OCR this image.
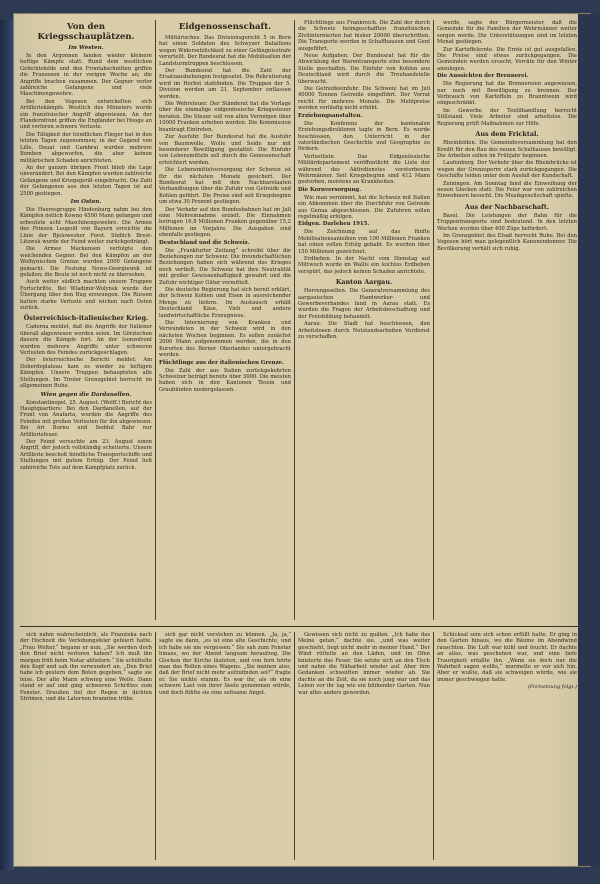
Von den Kriegsschauplätzen.
Im Westen.

In den Argonnen fanden wieder kleinere heftige Kämpfe statt. Rund dem westlichen Gefechtsfelde und den Frontabschnitten griffen die Franzosen in der vorigen Woche an; die Angriffe brachen zusammen. Der Gegner verlor zahlreiche Gefangene und viele Maschinengewehre.

Bei den Vogesen entwickelten sich Artilleriekämpfe. Westlich des Münsters wurde ein französischer Angriff abgewiesen. An der Flandernfront griffen die Engländer bei Hooge an und verloren schwere Verluste.

Die Tätigkeit der feindlichen Flieger hat in den letzten Tagen zugenommen; in der Gegend von Lille, Douai und Cambrai wurden mehrere Bomben abgeworfen, die aber keinen militärischen Schaden anrichteten.

An der ganzen übrigen Front blieb die Lage unverändert. Bei den Kämpfen wurden zahlreiche Gefangene und Kriegsgerät eingebracht. Die Zahl der Gefangenen aus den letzten Tagen ist auf 2500 gestiegen.

Im Osten.

Die Heeresgruppe Hindenburg nahm bei den Kämpfen östlich Kowno 4500 Mann gefangen und erbeutete acht Maschinengewehre. Die Armee des Prinzen Leopold von Bayern erreichte die Linie der Bjelowesher Forst. Südlich Brest-Litowsk wurde der Feind weiter zurückgedrängt.

Die Armee Mackensen verfolgte den weichenden Gegner. Bei den Kämpfen an der Wolhynischen Grenze wurden 2000 Gefangene gemacht. Die Festung Nowo-Georgiewsk ist gefallen; die Beute ist noch nicht zu übersehen.

Auch weiter südlich machten unsere Truppen Fortschritte. Bei Wladimir-Wolynsk wurde der Übergang über den Bug erzwungen. Die Russen hatten starke Verluste und wichen nach Osten zurück.

Österreichisch-italienischer Krieg.

Cadorna meldet, daß die Angriffe der Italiener überall abgewiesen worden seien. Im Görzischen dauern die Kämpfe fort. An der Isonzofront wurden mehrere Angriffe unter schweren Verlusten des Feindes zurückgeschlagen.

Der österreichische Bericht meldet: Am Doberdoplateau kam es wieder zu heftigen Kämpfen. Unsere Truppen behaupteten alle Stellungen. Im Tiroler Grenzgebiet herrscht im allgemeinen Ruhe.

Wien gegen die Dardanellen.

Konstantinopel, 25. August. (Wolff.) Bericht des Hauptquartiers: Bei den Dardanellen, auf der Front von Anafarta, wurden die Angriffe des Feindes mit großen Verlusten für ihn abgewiesen. Bei Ari Burnu und Seddul Bahr nur Artilleriefeuer.

Der Feind versuchte am 23. August einen Angriff, der jedoch vollständig scheiterte. Unsere Artillerie beschoß feindliche Transportschiffe und Stellungen mit gutem Erfolg. Der Feind ließ zahlreiche Tote auf dem Kampfplatz zurück.

Eidgenossenschaft.

Militärisches. Das Divisionsgericht 5 in Bern hat einen Soldaten des Schwyzer Bataillons wegen Widersetzlichkeit zu einer Gefängnisstrafe verurteilt. Der Bundesrat hat die Mobilisation der Landsturmtruppen beschlossen.

Der Bundesrat hat die Zahl der Ersatzaushebungen festgesetzt. Die Rekrutierung wird im Herbst stattfinden. Die Truppen der 5. Division werden am 21. September entlassen werden.

Die Wehrsteuer. Der Ständerat hat die Vorlage über die einmalige eidgenössische Kriegssteuer beraten. Die Steuer soll von allen Vermögen über 10000 Franken erhoben werden. Die Kommission beantragt Eintreten.

Zur Ausfuhr. Der Bundesrat hat die Ausfuhr von Baumwolle, Wolle und Seide nur mit besonderer Bewilligung gestattet. Die Einfuhr von Lebensmitteln soll durch die Genossenschaft erleichtert werden.

Die Lebensmittelversorgung der Schweiz ist für die nächsten Monate gesichert. Der Bundesrat hat mit den Nachbarstaaten Verhandlungen über die Zufuhr von Getreide und Kohlen geführt. Die Preise sind seit Kriegsbeginn um etwa 30 Prozent gestiegen.

Der Verkehr auf den Bundesbahnen hat im Juli eine Mehreinnahme erzielt. Die Einnahmen betrugen 16,8 Millionen Franken gegenüber 15,2 Millionen im Vorjahre. Die Ausgaben sind ebenfalls gestiegen.

Deutschland und die Schweiz.

Die „Frankfurter Zeitung“ schreibt über die Beziehungen zur Schweiz: Die freundschaftlichen Beziehungen haben sich während des Krieges noch vertieft. Die Schweiz hat ihre Neutralität mit großer Gewissenhaftigkeit gewahrt und die Zufuhr wichtiger Güter vermittelt.

Die deutsche Regierung hat sich bereit erklärt, der Schweiz Kohlen und Eisen in ausreichender Menge zu liefern. Im Austausch erhält Deutschland Käse, Vieh und andere landwirtschaftliche Erzeugnisse.

Die Internierung von Kranken und Verwundeten in der Schweiz wird in den nächsten Wochen beginnen. Es sollen zunächst 2000 Mann aufgenommen werden, die in den Kurorten des Berner Oberlandes untergebracht werden.

Flüchtlinge aus der italienischen Grenze.

Die Zahl der aus Italien zurückgekehrten Schweizer beträgt bereits über 3000. Die meisten haben sich in den Kantonen Tessin und Graubünden niedergelassen.

Flüchtlinge aus Frankreich. Die Zahl der durch die Schweiz heimgeschafften französischen Zivilinternierten hat bisher 20000 überschritten. Die Transporte werden in Schaffhausen und Genf ausgeführt.

Neue Aufgaben. Der Bundesrat hat für die Abwicklung der Warentransporte eine besondere Stelle geschaffen. Die Einfuhr von Kohlen aus Deutschland wird durch die Treuhandstelle überwacht.

Die Getreideeinfuhr. Die Schweiz hat im Juli 40000 Tonnen Getreide eingeführt. Der Vorrat reicht für mehrere Monate. Die Mehlpreise werden vorläufig nicht erhöht.

Erziehungsanstalten.

Die Konferenz der kantonalen Erziehungsdirektoren tagte in Bern. Es wurde beschlossen, den Unterricht in der vaterländischen Geschichte und Geographie zu fördern.

Verlustliste. Das Eidgenössische Militärdepartement veröffentlicht die Liste der während des Aktivdienstes verstorbenen Wehrmänner. Seit Kriegsbeginn sind 412 Mann gestorben, meistens an Krankheiten.

Die Kornversorgung.

Wie man vernimmt, hat die Schweiz mit Italien ein Abkommen über die Durchfuhr von Getreide aus Genua abgeschlossen. Die Zufuhren sollen regelmäßig erfolgen.

Eidgen. Darlehen 1915.

Die Zeichnung auf das fünfte Mobilisationsanleihen von 100 Millionen Franken hat einen vollen Erfolg gehabt. Es wurden über 150 Millionen gezeichnet.

Erdbeben. In der Nacht vom Dienstag auf Mittwoch wurde im Wallis ein leichtes Erdbeben verspürt, das jedoch keinen Schaden anrichtete.

Kanton Aargau.

Herrengesellen. Die Generalversammlung des aargauischen Handwerker- und Gewerbeverbandes fand in Aarau statt. Es wurden die Fragen der Arbeitsbeschaffung und der Preisbildung behandelt.

Aarau. Die Stadt hat beschlossen, den Arbeitslosen durch Notstandsarbeiten Verdienst zu verschaffen.

werde, sagte der Bürgermeister, daß die Gemeinde für die Familien der Wehrmänner weiter sorgen werde. Die Unterstützungen sind im letzten Monat gestiegen.

Zur Kartoffelernte. Die Ernte ist gut ausgefallen. Die Preise sind etwas zurückgegangen. Die Gemeinden werden ersucht, Vorräte für den Winter anzulegen.

Die Aussichten der Brennerei.

Die Regierung hat die Brennereien angewiesen, nur noch mit Bewilligung zu brennen. Der Verbrauch von Kartoffeln zu Branntwein wird eingeschränkt.

Im Gewerbe der Textilhandlung herrscht Stillstand. Viele Arbeiter sind arbeitslos. Die Regierung prüft Maßnahmen zur Hilfe.

Aus dem Fricktal.

Rheinfelden. Die Gemeindeversammlung hat den Kredit für den Bau des neuen Schulhauses bewilligt. Die Arbeiten sollen im Frühjahr beginnen.

Laufenburg. Der Verkehr über die Rheinbrücke ist wegen der Grenzsperre stark zurückgegangen. Die Geschäfte leiden unter dem Ausfall der Kundschaft.

Zeiningen. Am Sonntag fand die Einweihung der neuen Glocken statt. Die Feier war von zahlreichen Einwohnern besucht. Die Musikgesellschaft spielte.

Aus der Nachbarschaft.

Basel. Die Leistungen der Bahn für die Truppentransporte sind bedeutend. In den letzten Wochen wurden über 400 Züge befördert.

Im Grenzgebiet des Elsaß herrscht Ruhe. Bei den Vogesen hört man gelegentlich Kanonendonner. Die Bevölkerung verhält sich ruhig.

sich nahm wahrscheinlich, als Franziska nach der Hochzeit die Verlobungsfeier gefeiert hatte. „Frau Wolter,“ begann er nun, „Sie werden doch den Brief nicht verloren haben? Ich muß ihn morgen früh beim Notar abliefern.“ Sie schüttelte den Kopf und sah ihn verwundert an. „Den Brief habe ich gestern dem Boten gegeben,“ sagte sie leise. Der alte Mann schwieg eine Weile. Dann stand er auf und ging schweren Schrittes zum Fenster. Draußen fiel der Regen in dichten Strömen, und die Laternen brannten trübe.

sich gar nicht verstehen zu können. „Ja, ja,“ sagte sie dann, „es ist eine alte Geschichte, und ich habe sie nie vergessen.“ Sie sah zum Fenster hinaus, wo der Abend langsam heraufzog. Die Glocken der Kirche läuteten, und von fern hörte man das Rollen eines Wagens. „Sie meinen also, daß der Brief nicht mehr aufzufinden sei?“ fragte er. Sie nickte stumm. Es war ihr, als ob eine schwere Last von ihrer Seele genommen würde, und doch fühlte sie eine seltsame Angst.

Gewissen sich nicht zu quälen. „Ich habe das Meine getan,“ dachte sie, „und was weiter geschieht, liegt nicht mehr in meiner Hand.“ Der Wind rüttelte an den Läden, und im Ofen knisterte das Feuer. Sie setzte sich an den Tisch und nahm die Näharbeit wieder auf. Aber ihre Gedanken schweiften immer wieder ab. Sie dachte an die Zeit, da sie noch jung war und das Leben vor ihr lag wie ein blühender Garten. Nun war alles anders geworden.

Schicksal sein sich schon erfüllt hatte. Er ging in den Garten hinaus, wo die Bäume im Abendwind rauschten. Die Luft war kühl und feucht. Er dachte an alles, was geschehen war, und eine tiefe Traurigkeit erfaßte ihn. „Wenn sie doch nur die Wahrheit sagen wollte,“ murmelte er vor sich hin. Aber er wußte, daß sie schweigen würde, wie sie immer geschwiegen hatte.

(Fortsetzung folgt.)
